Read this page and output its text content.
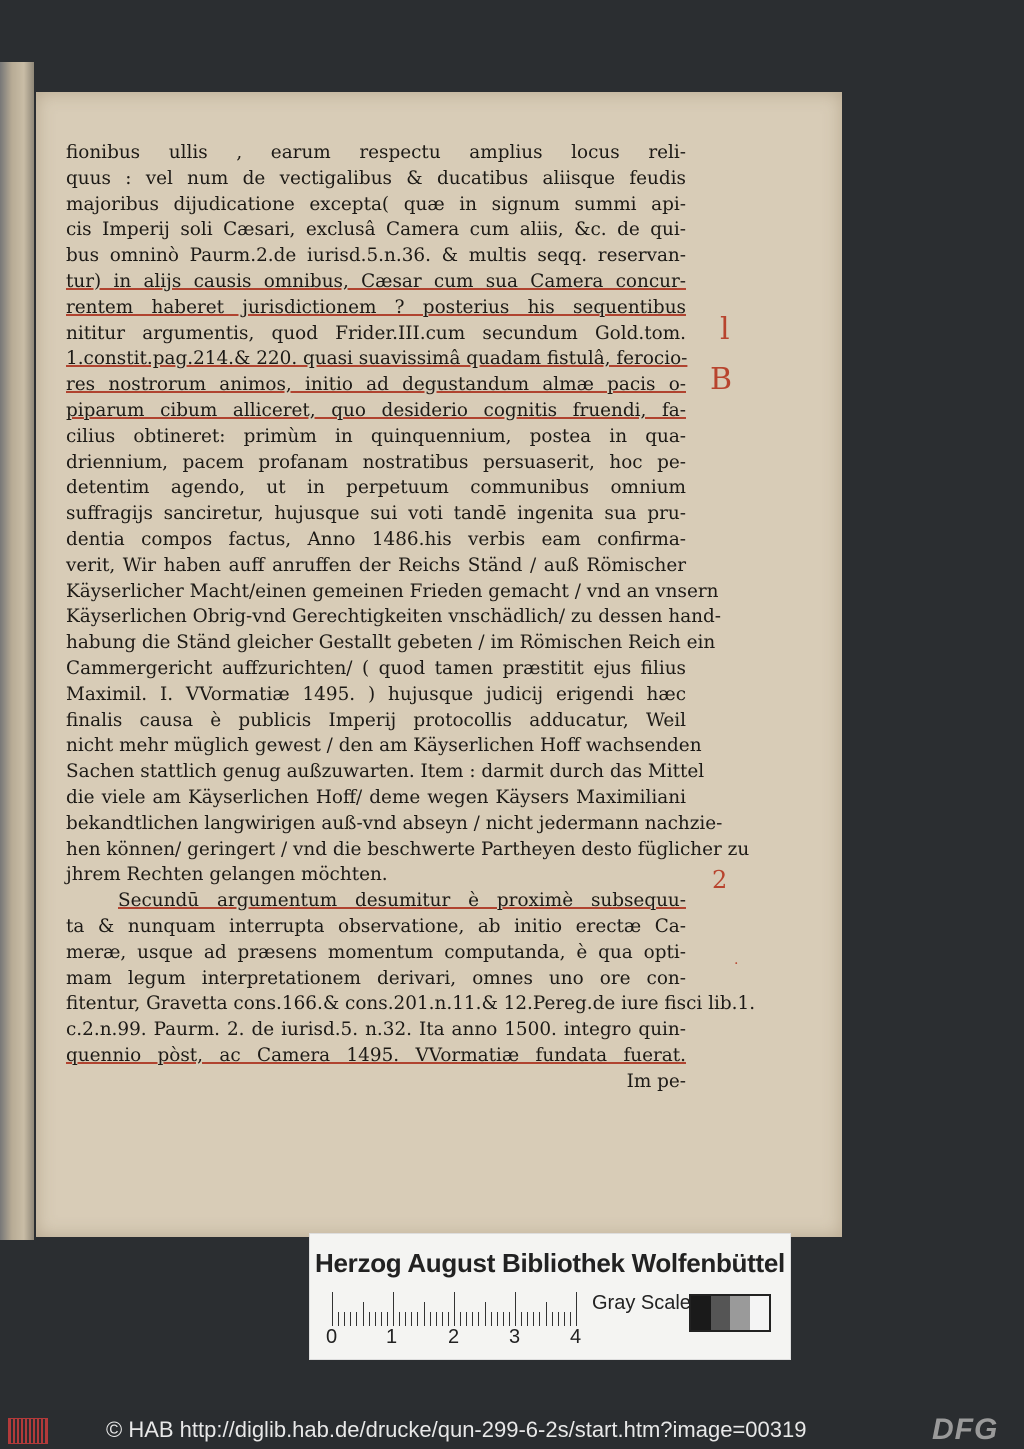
fionibus ullis , earum respectu amplius locus reli-
quus : vel num de vectigalibus & ducatibus aliisque feudis
majoribus dijudicatione excepta( quæ in signum summi api-
cis Imperij soli Cæsari, exclusâ Camera cum aliis, &c. de qui-
bus omninò Paurm.2.de iurisd.5.n.36. & multis seqq. reservan-
tur) in alijs causis omnibus, Cæsar cum sua Camera concur-
rentem haberet jurisdictionem ? posterius his sequentibus
nititur argumentis, quod Frider.III.cum secundum Gold.tom.
1.constit.pag.214.& 220. quasi suavissimâ quadam fistulâ, ferocio-
res nostrorum animos, initio ad degustandum almæ pacis o-
piparum cibum alliceret, quo desiderio cognitis fruendi, fa-
cilius obtineret: primùm in quinquennium, postea in qua-
driennium, pacem profanam nostratibus persuaserit, hoc pe-
detentim agendo, ut in perpetuum communibus omnium
suffragijs sanciretur, hujusque sui voti tandē ingenita sua pru-
dentia compos factus, Anno 1486.his verbis eam confirma-
verit, Wir haben auff anruffen der Reichs Ständ / auß Römischer
Käyserlicher Macht/einen gemeinen Frieden gemacht / vnd an vnsern
Käyserlichen Obrig-vnd Gerechtigkeiten vnschädlich/ zu dessen hand-
habung die Ständ gleicher Gestallt gebeten / im Römischen Reich ein
Cammergericht auffzurichten/ ( quod tamen præstitit ejus filius
Maximil. I. VVormatiæ 1495. ) hujusque judicij erigendi hæc
finalis causa è publicis Imperij protocollis adducatur, Weil
nicht mehr müglich gewest / den am Käyserlichen Hoff wachsenden
Sachen stattlich genug außzuwarten. Item : darmit durch das Mittel
die viele am Käyserlichen Hoff/ deme wegen Käysers Maximiliani
bekandtlichen langwirigen auß-vnd abseyn / nicht jedermann nachzie-
hen können/ geringert / vnd die beschwerte Partheyen desto füglicher zu
jhrem Rechten gelangen möchten.
Secundū argumentum desumitur è proximè subsequu-
ta & nunquam interrupta observatione, ab initio erectæ Ca-
meræ, usque ad præsens momentum computanda, è qua opti-
mam legum interpretationem derivari, omnes uno ore con-
fitentur, Gravetta cons.166.& cons.201.n.11.& 12.Pereg.de iure fisci lib.1.
c.2.n.99. Paurm. 2. de iurisd.5. n.32. Ita anno 1500. integro quin-
quennio pòst, ac Camera 1495. VVormatiæ fundata fuerat.
Im pe-
l
B
2
.
Herzog August Bibliothek Wolfenbüttel
0 1	2 3 4
Gray Scale
© HAB http://diglib.hab.de/drucke/qun-299-6-2s/start.htm?image=00319	DFG
